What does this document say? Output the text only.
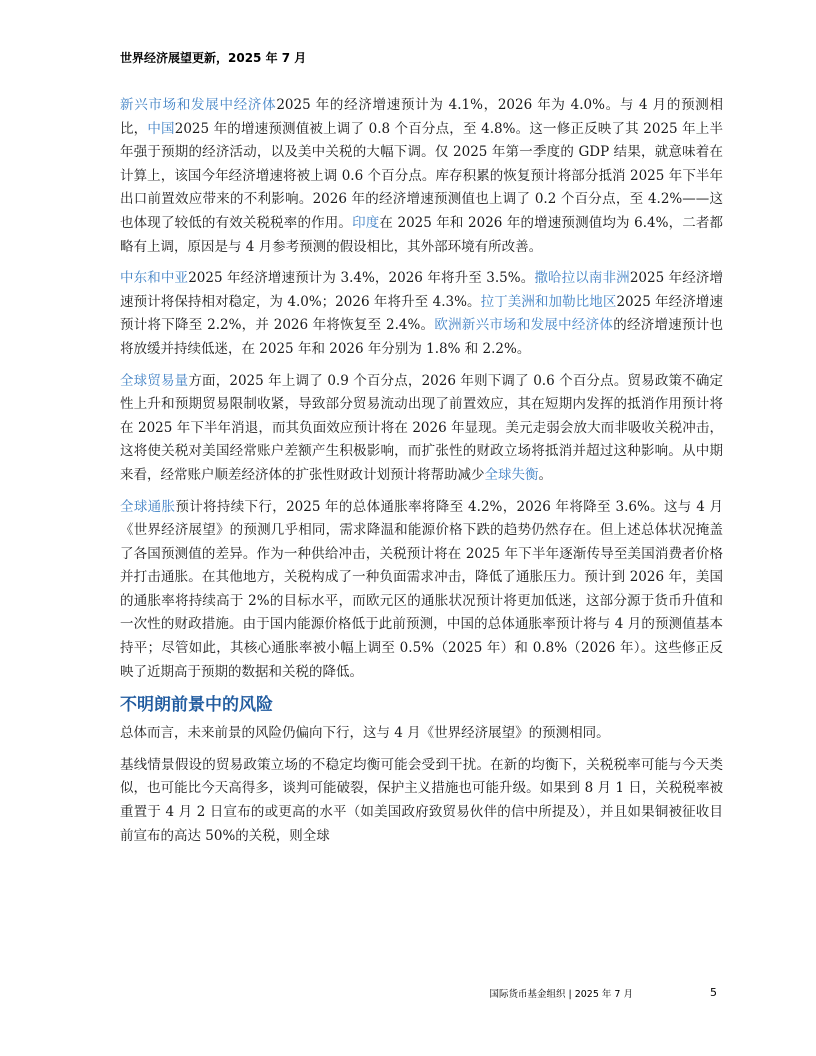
世界经济展望更新，2025 年 7 月

新兴市场和发展中经济体2025 年的经济增速预计为 4.1%，2026 年为 4.0%。与 4 月的预测相比，中国2025 年的增速预测值被上调了 0.8 个百分点，至 4.8%。这一修正反映了其 2025 年上半年强于预期的经济活动，以及美中关税的大幅下调。仅 2025 年第一季度的 GDP 结果，就意味着在计算上，该国今年经济增速将被上调 0.6 个百分点。库存积累的恢复预计将部分抵消 2025 年下半年出口前置效应带来的不利影响。2026 年的经济增速预测值也上调了 0.2 个百分点，至 4.2%——这也体现了较低的有效关税税率的作用。印度在 2025 年和 2026 年的增速预测值均为 6.4%，二者都略有上调，原因是与 4 月参考预测的假设相比，其外部环境有所改善。

中东和中亚2025 年经济增速预计为 3.4%，2026 年将升至 3.5%。撒哈拉以南非洲2025 年经济增速预计将保持相对稳定，为 4.0%；2026 年将升至 4.3%。拉丁美洲和加勒比地区2025 年经济增速预计将下降至 2.2%，并 2026 年将恢复至 2.4%。欧洲新兴市场和发展中经济体的经济增速预计也将放缓并持续低迷，在 2025 年和 2026 年分别为 1.8% 和 2.2%。

全球贸易量方面，2025 年上调了 0.9 个百分点，2026 年则下调了 0.6 个百分点。贸易政策不确定性上升和预期贸易限制收紧，导致部分贸易流动出现了前置效应，其在短期内发挥的抵消作用预计将在 2025 年下半年消退，而其负面效应预计将在 2026 年显现。美元走弱会放大而非吸收关税冲击，这将使关税对美国经常账户差额产生积极影响，而扩张性的财政立场将抵消并超过这种影响。从中期来看，经常账户顺差经济体的扩张性财政计划预计将帮助减少全球失衡。

全球通胀预计将持续下行，2025 年的总体通胀率将降至 4.2%，2026 年将降至 3.6%。这与 4 月《世界经济展望》的预测几乎相同，需求降温和能源价格下跌的趋势仍然存在。但上述总体状况掩盖了各国预测值的差异。作为一种供给冲击，关税预计将在 2025 年下半年逐渐传导至美国消费者价格并打击通胀。在其他地方，关税构成了一种负面需求冲击，降低了通胀压力。预计到 2026 年，美国的通胀率将持续高于 2%的目标水平，而欧元区的通胀状况预计将更加低迷，这部分源于货币升值和一次性的财政措施。由于国内能源价格低于此前预测，中国的总体通胀率预计将与 4 月的预测值基本持平；尽管如此，其核心通胀率被小幅上调至 0.5%（2025 年）和 0.8%（2026 年）。这些修正反映了近期高于预期的数据和关税的降低。

不明朗前景中的风险

总体而言，未来前景的风险仍偏向下行，这与 4 月《世界经济展望》的预测相同。

基线情景假设的贸易政策立场的不稳定均衡可能会受到干扰。在新的均衡下，关税税率可能与今天类似，也可能比今天高得多，谈判可能破裂，保护主义措施也可能升级。如果到 8 月 1 日，关税税率被重置于 4 月 2 日宣布的或更高的水平（如美国政府致贸易伙伴的信中所提及），并且如果铜被征收目前宣布的高达 50%的关税，则全球

国际货币基金组织 | 2025 年 7 月	5
